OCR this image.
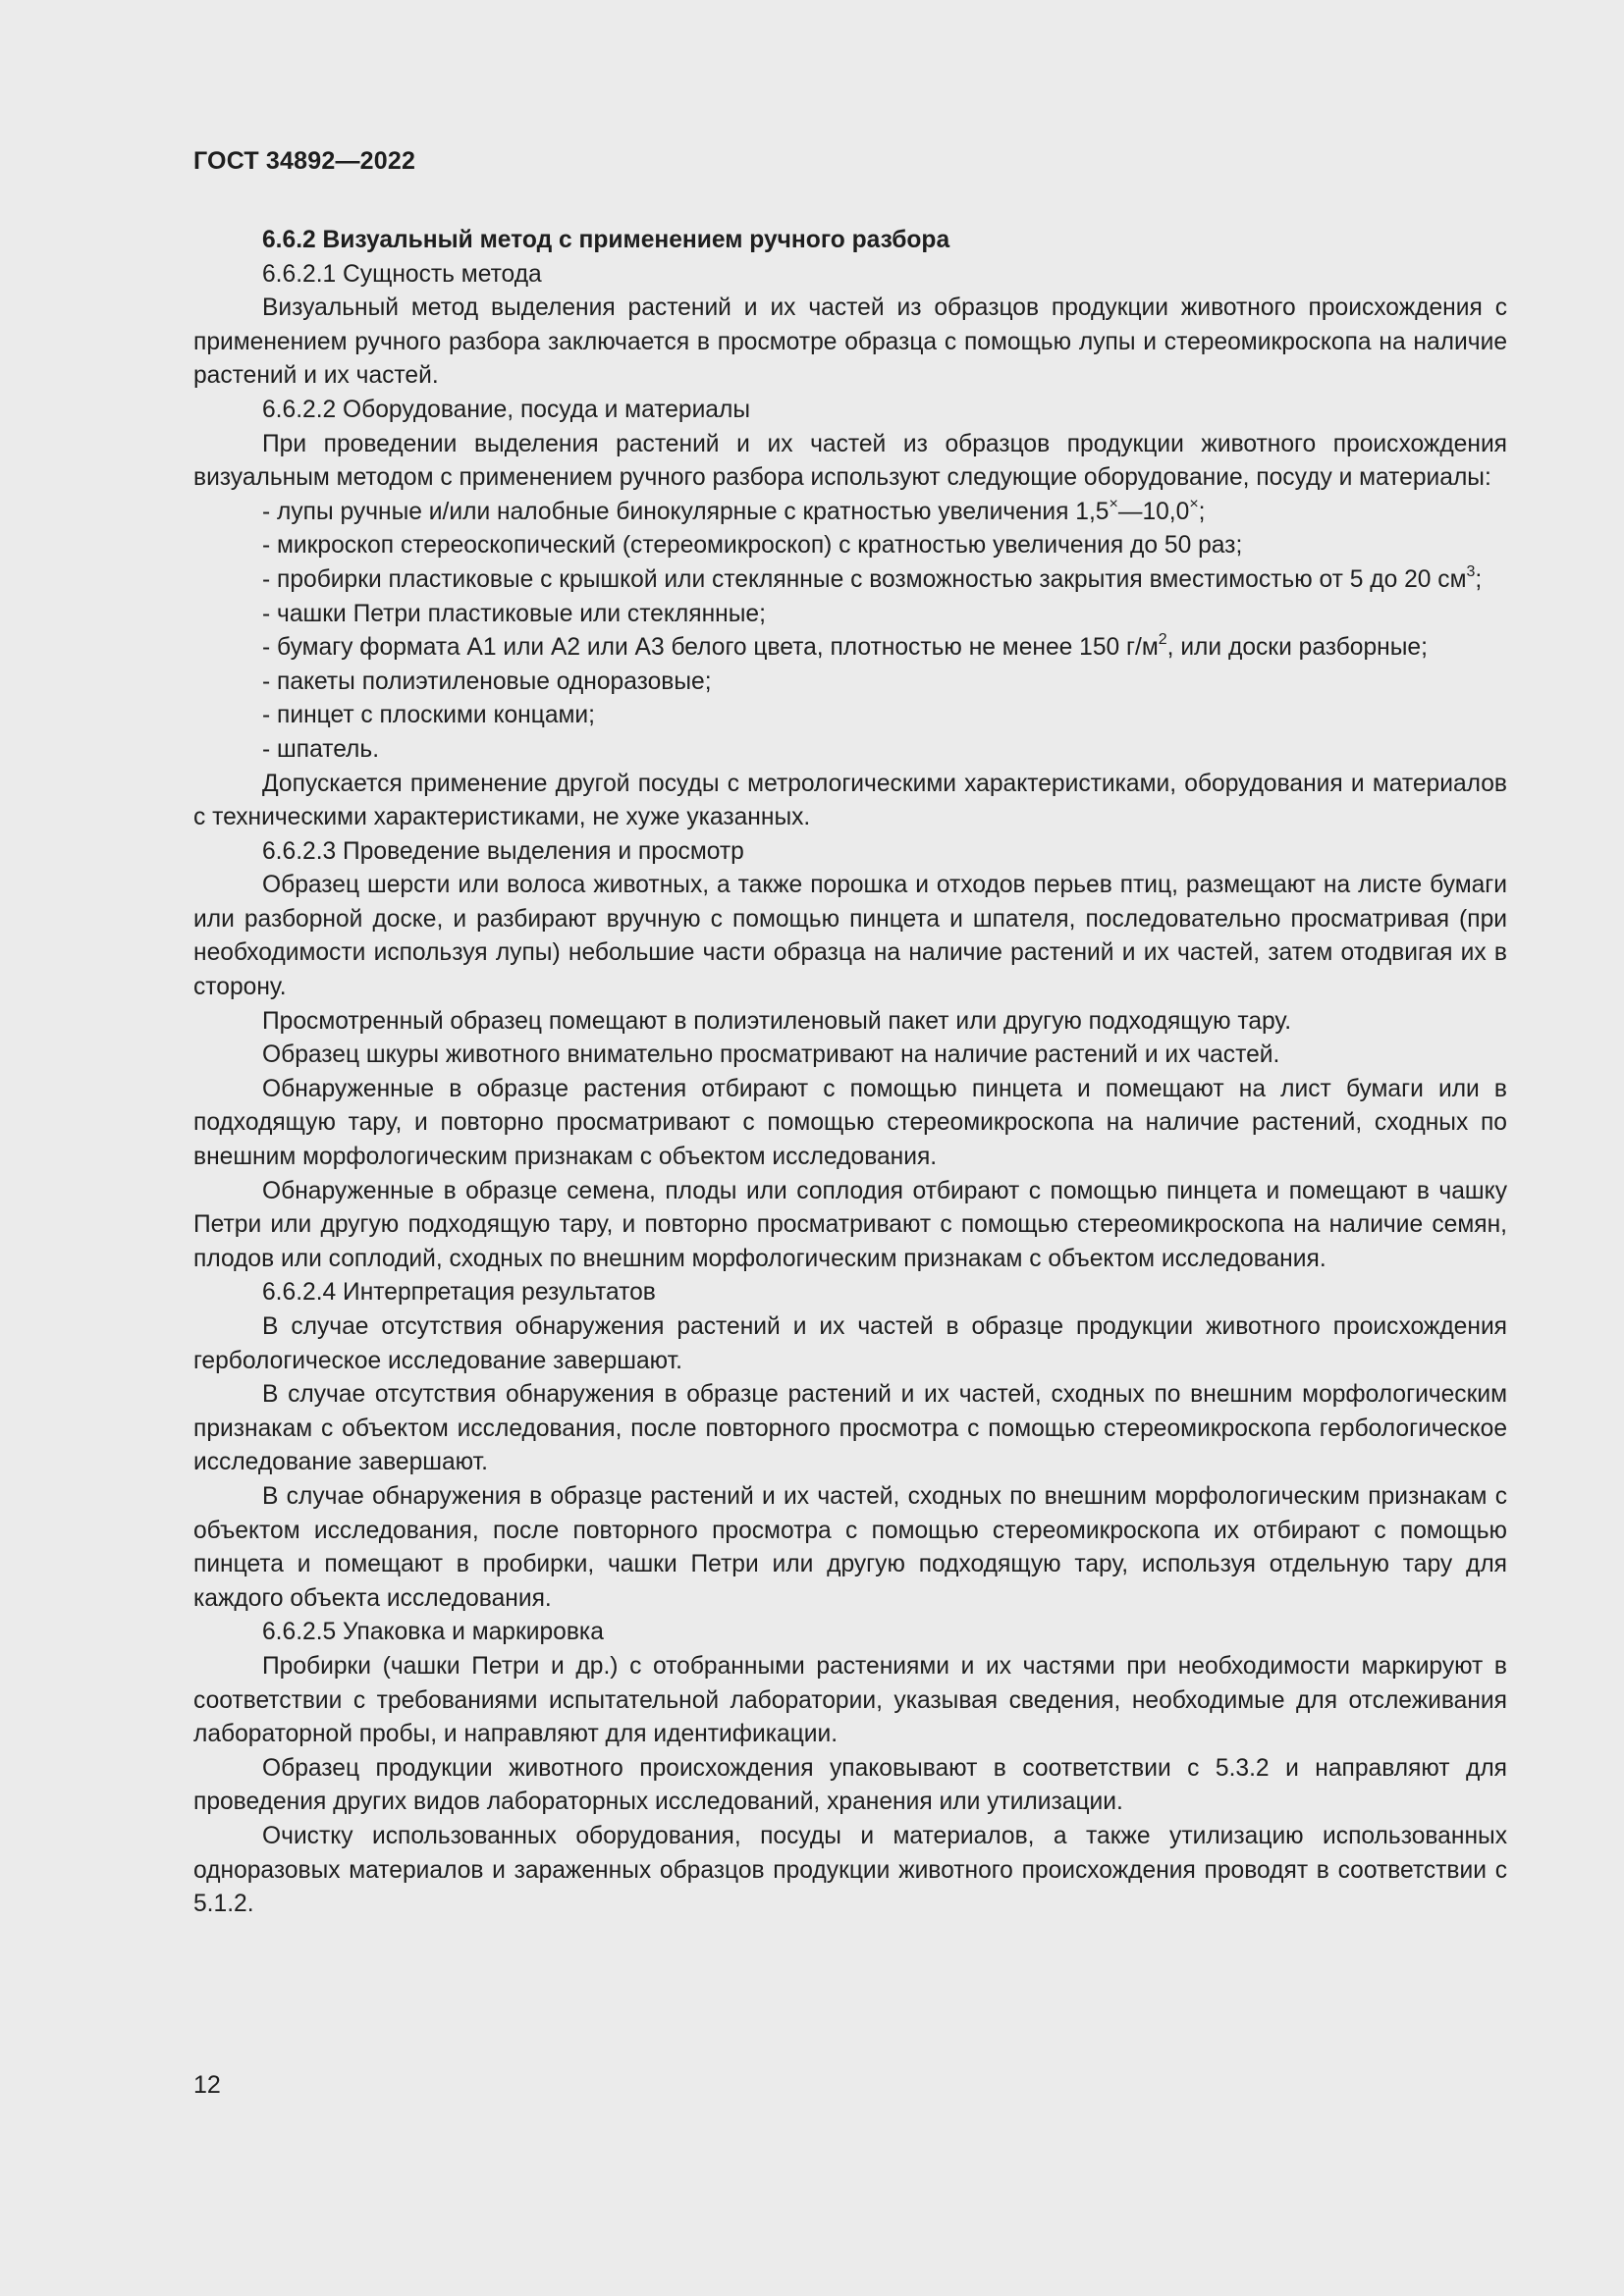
ГОСТ 34892—2022

6.6.2 Визуальный метод с применением ручного разбора

6.6.2.1 Сущность метода

Визуальный метод выделения растений и их частей из образцов продукции животного происхождения с применением ручного разбора заключается в просмотре образца с помощью лупы и стереомикроскопа на наличие растений и их частей.

6.6.2.2 Оборудование, посуда и материалы

При проведении выделения растений и их частей из образцов продукции животного происхождения визуальным методом с применением ручного разбора используют следующие оборудование, посуду и материалы:

- лупы ручные и/или налобные бинокулярные с кратностью увеличения 1,5×—10,0×;

- микроскоп стереоскопический (стереомикроскоп) с кратностью увеличения до 50 раз;

- пробирки пластиковые с крышкой или стеклянные с возможностью закрытия вместимостью от 5 до 20 $см^3$;

- чашки Петри пластиковые или стеклянные;

- бумагу формата А1 или А2 или А3 белого цвета, плотностью не менее 150 $г/м^2$, или доски разборные;

- пакеты полиэтиленовые одноразовые;

- пинцет с плоскими концами;

- шпатель.

Допускается применение другой посуды с метрологическими характеристиками, оборудования и материалов с техническими характеристиками, не хуже указанных.

6.6.2.3 Проведение выделения и просмотр

Образец шерсти или волоса животных, а также порошка и отходов перьев птиц, размещают на листе бумаги или разборной доске, и разбирают вручную с помощью пинцета и шпателя, последовательно просматривая (при необходимости используя лупы) небольшие части образца на наличие растений и их частей, затем отодвигая их в сторону.

Просмотренный образец помещают в полиэтиленовый пакет или другую подходящую тару.

Образец шкуры животного внимательно просматривают на наличие растений и их частей.

Обнаруженные в образце растения отбирают с помощью пинцета и помещают на лист бумаги или в подходящую тару, и повторно просматривают с помощью стереомикроскопа на наличие растений, сходных по внешним морфологическим признакам с объектом исследования.

Обнаруженные в образце семена, плоды или соплодия отбирают с помощью пинцета и помещают в чашку Петри или другую подходящую тару, и повторно просматривают с помощью стереомикроскопа на наличие семян, плодов или соплодий, сходных по внешним морфологическим признакам с объектом исследования.

6.6.2.4 Интерпретация результатов

В случае отсутствия обнаружения растений и их частей в образце продукции животного происхождения гербологическое исследование завершают.

В случае отсутствия обнаружения в образце растений и их частей, сходных по внешним морфологическим признакам с объектом исследования, после повторного просмотра с помощью стереомикроскопа гербологическое исследование завершают.

В случае обнаружения в образце растений и их частей, сходных по внешним морфологическим признакам с объектом исследования, после повторного просмотра с помощью стереомикроскопа их отбирают с помощью пинцета и помещают в пробирки, чашки Петри или другую подходящую тару, используя отдельную тару для каждого объекта исследования.

6.6.2.5 Упаковка и маркировка

Пробирки (чашки Петри и др.) с отобранными растениями и их частями при необходимости маркируют в соответствии с требованиями испытательной лаборатории, указывая сведения, необходимые для отслеживания лабораторной пробы, и направляют для идентификации.

Образец продукции животного происхождения упаковывают в соответствии с 5.3.2 и направляют для проведения других видов лабораторных исследований, хранения или утилизации.

Очистку использованных оборудования, посуды и материалов, а также утилизацию использованных одноразовых материалов и зараженных образцов продукции животного происхождения проводят в соответствии с 5.1.2.

12
